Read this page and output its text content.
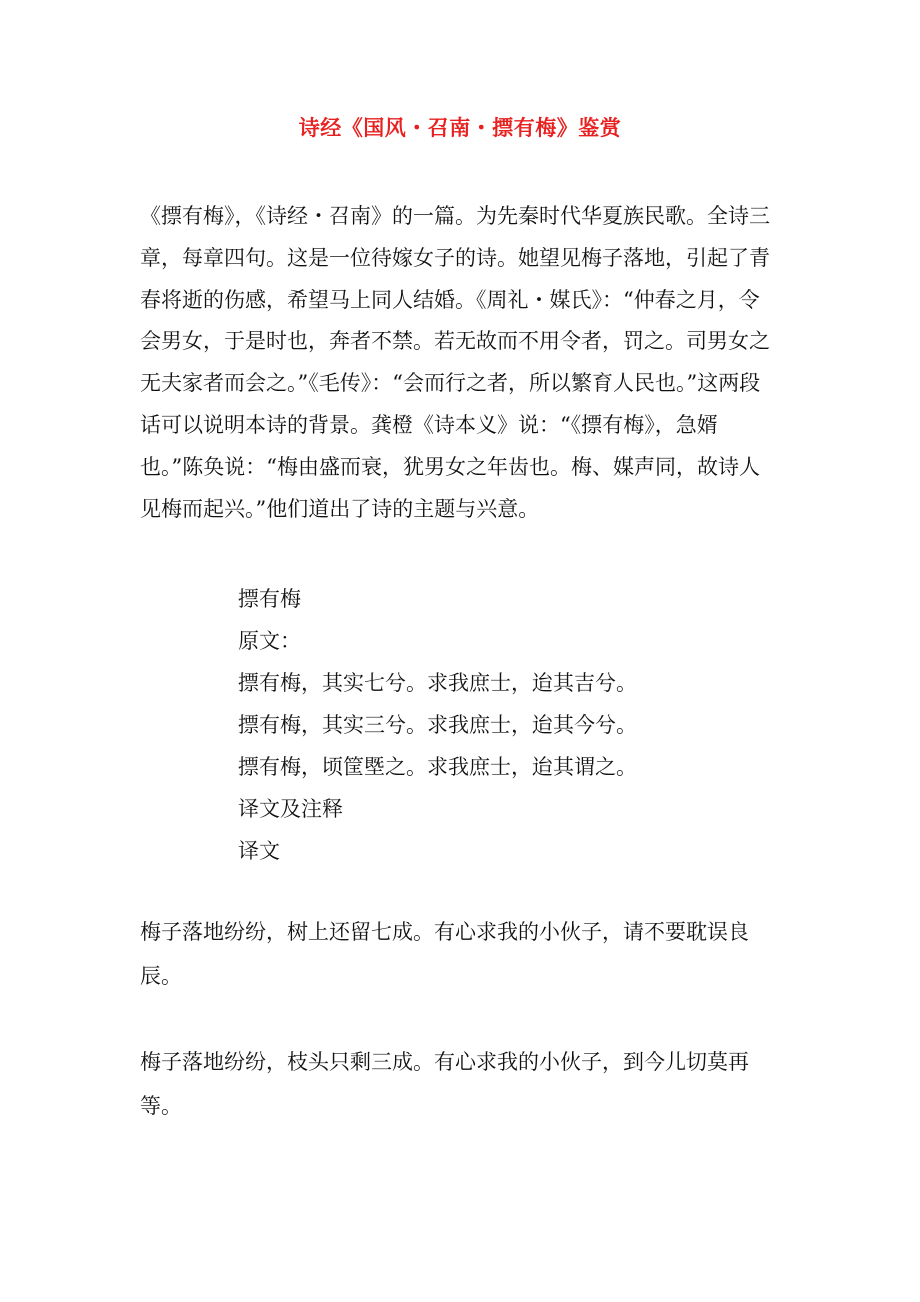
诗经《国风・召南・摽有梅》鉴赏

《摽有梅》，《诗经・召南》的一篇。为先秦时代华夏族民歌。全诗三章，每章四句。这是一位待嫁女子的诗。她望见梅子落地，引起了青春将逝的伤感，希望马上同人结婚。《周礼・媒氏》：“仲春之月，令会男女，于是时也，奔者不禁。若无故而不用令者，罚之。司男女之无夫家者而会之。”《毛传》：“会而行之者，所以繁育人民也。”这两段话可以说明本诗的背景。龚橙《诗本义》说：“《摽有梅》，急婿也。”陈奂说：“梅由盛而衰，犹男女之年齿也。梅、媒声同，故诗人见梅而起兴。”他们道出了诗的主题与兴意。

摽有梅
原文：
摽有梅，其实七兮。求我庶士，迨其吉兮。
摽有梅，其实三兮。求我庶士，迨其今兮。
摽有梅，顷筐塈之。求我庶士，迨其谓之。
译文及注释
译文

梅子落地纷纷，树上还留七成。有心求我的小伙子，请不要耽误良辰。

梅子落地纷纷，枝头只剩三成。有心求我的小伙子，到今儿切莫再等。
